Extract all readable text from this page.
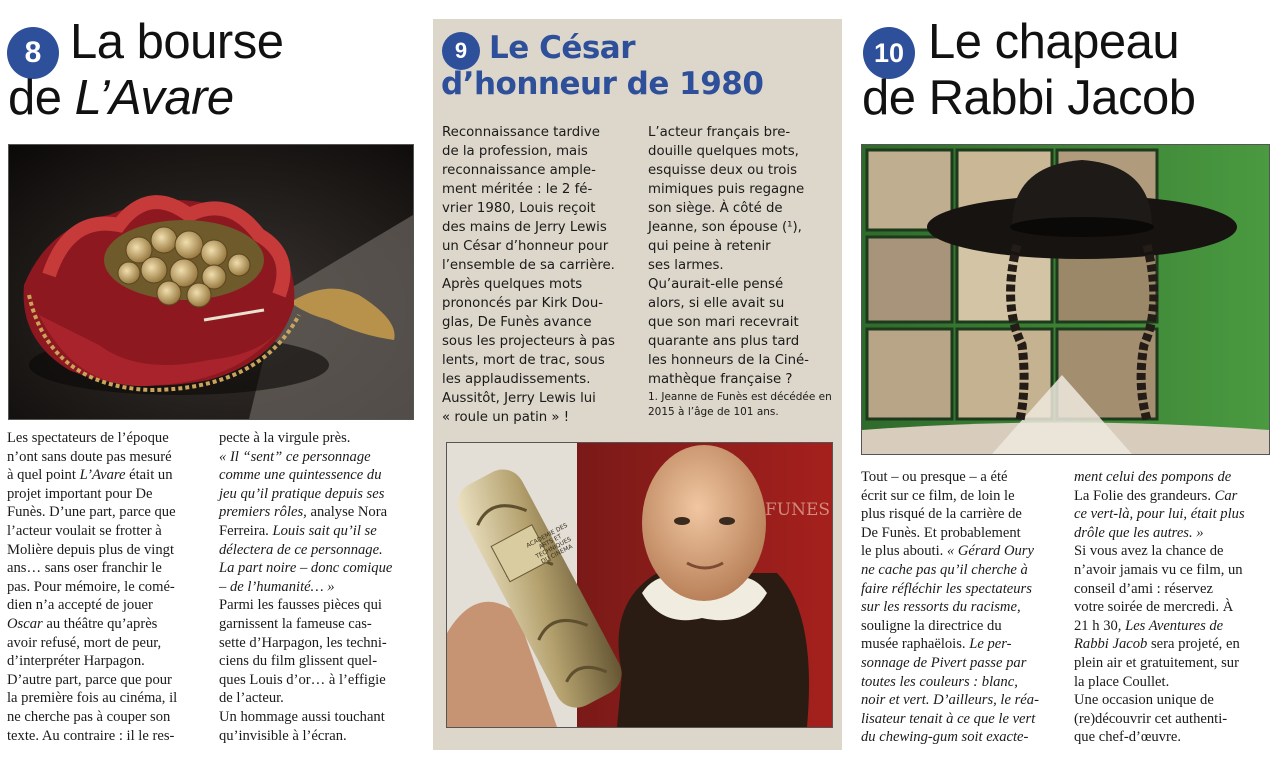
8 La bourse
de L’Avare
Les spectateurs de l’époque
n’ont sans doute pas mesuré
à quel point L’Avare était un
projet important pour De
Funès. D’une part, parce que
l’acteur voulait se frotter à
Molière depuis plus de vingt
ans… sans oser franchir le
pas. Pour mémoire, le comé-
dien n’a accepté de jouer
Oscar au théâtre qu’après
avoir refusé, mort de peur,
d’interpréter Harpagon.
D’autre part, parce que pour
la première fois au cinéma, il
ne cherche pas à couper son
texte. Au contraire : il le res-
pecte à la virgule près.
« Il “sent” ce personnage
comme une quintessence du
jeu qu’il pratique depuis ses
premiers rôles, analyse Nora
Ferreira. Louis sait qu’il se
délectera de ce personnage.
La part noire – donc comique
– de l’humanité… »
Parmi les fausses pièces qui
garnissent la fameuse cas-
sette d’Harpagon, les techni-
ciens du film glissent quel-
ques Louis d’or… à l’effigie
de l’acteur.
Un hommage aussi touchant
qu’invisible à l’écran.
9 Le César
d’honneur de 1980
Reconnaissance tardive
de la profession, mais
reconnaissance ample-
ment méritée : le 2 fé-
vrier 1980, Louis reçoit
des mains de Jerry Lewis
un César d’honneur pour
l’ensemble de sa carrière.
Après quelques mots
prononcés par Kirk Dou-
glas, De Funès avance
sous les projecteurs à pas
lents, mort de trac, sous
les applaudissements.
Aussitôt, Jerry Lewis lui
« roule un patin » !
L’acteur français bre-
douille quelques mots,
esquisse deux ou trois
mimiques puis regagne
son siège. À côté de
Jeanne, son épouse (¹),
qui peine à retenir
ses larmes.
Qu’aurait-elle pensé
alors, si elle avait su
que son mari recevrait
quarante ans plus tard
les honneurs de la Ciné-
mathèque française ?
1. Jeanne de Funès est décédée en
2015 à l’âge de 101 ans.
FUNES
ACADEMIE DES ARTS ET TECHNIQUES DU CINEMA
10 Le chapeau
de Rabbi Jacob
Tout – ou presque – a été
écrit sur ce film, de loin le
plus risqué de la carrière de
De Funès. Et probablement
le plus abouti. « Gérard Oury
ne cache pas qu’il cherche à
faire réfléchir les spectateurs
sur les ressorts du racisme,
souligne la directrice du
musée raphaëlois. Le per-
sonnage de Pivert passe par
toutes les couleurs : blanc,
noir et vert. D’ailleurs, le réa-
lisateur tenait à ce que le vert
du chewing-gum soit exacte-
ment celui des pompons de
La Folie des grandeurs. Car
ce vert-là, pour lui, était plus
drôle que les autres. »
Si vous avez la chance de
n’avoir jamais vu ce film, un
conseil d’ami : réservez
votre soirée de mercredi. À
21 h 30, Les Aventures de
Rabbi Jacob sera projeté, en
plein air et gratuitement, sur
la place Coullet.
Une occasion unique de
(re)découvrir cet authenti-
que chef-d’œuvre.
